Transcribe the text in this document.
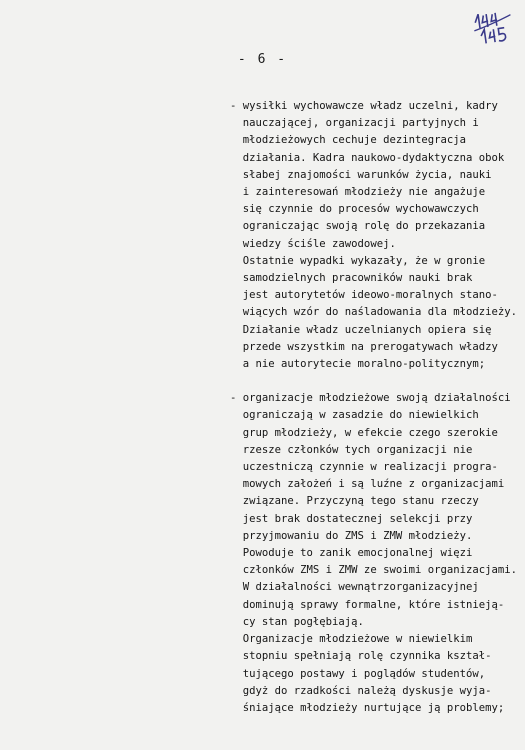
- 6 -
- wysiłki wychowawcze władz uczelni, kadry
nauczającej, organizacji partyjnych i
młodzieżowych cechuje dezintegracja
działania. Kadra naukowo-dydaktyczna obok
słabej znajomości warunków życia, nauki
i zainteresowań młodzieży nie angażuje
się czynnie do procesów wychowawczych
ograniczając swoją rolę do przekazania
wiedzy ściśle zawodowej.
Ostatnie wypadki wykazały, że w gronie
samodzielnych pracowników nauki brak
jest autorytetów ideowo-moralnych stano-
wiących wzór do naśladowania dla młodzieży.
Działanie władz uczelnianych opiera się
przede wszystkim na prerogatywach władzy
a nie autorytecie moralno-politycznym;
- organizacje młodzieżowe swoją działalności
ograniczają w zasadzie do niewielkich
grup młodzieży, w efekcie czego szerokie
rzesze członków tych organizacji nie
uczestniczą czynnie w realizacji progra-
mowych założeń i są luźne z organizacjami
związane. Przyczyną tego stanu rzeczy
jest brak dostatecznej selekcji przy
przyjmowaniu do ZMS i ZMW młodzieży.
Powoduje to zanik emocjonalnej więzi
członków ZMS i ZMW ze swoimi organizacjami.
W działalności wewnątrzorganizacyjnej
dominują sprawy formalne, które istnieją-
cy stan pogłębiają.
Organizacje młodzieżowe w niewielkim
stopniu spełniają rolę czynnika kształ-
tującego postawy i poglądów studentów,
gdyż do rzadkości należą dyskusje wyja-
śniające młodzieży nurtujące ją problemy;
